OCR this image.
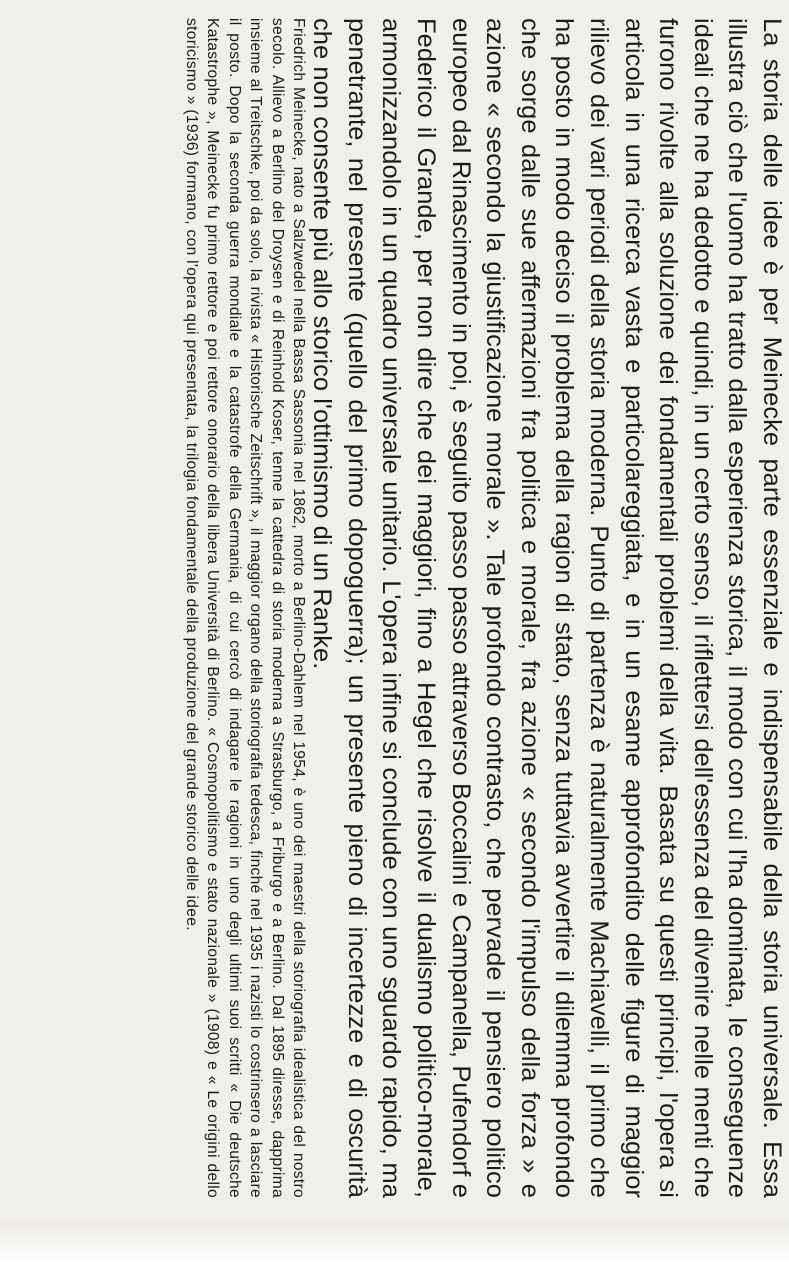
La storia delle idee è per Meinecke parte essenziale e indispensabile della storia universale. Essa illustra ciò che l'uomo ha tratto dalla esperienza storica, il modo con cui l'ha dominata, le conseguenze ideali che ne ha dedotto e quindi, in un certo senso, il riflettersi dell'essenza del divenire nelle menti che furono rivolte alla soluzione dei fondamentali problemi della vita. Basata su questi principi, l'opera si articola in una ricerca vasta e particolareggiata, e in un esame approfondito delle figure di maggior rilievo dei vari periodi della storia moderna. Punto di partenza è naturalmente Machiavelli, il primo che ha posto in modo deciso il problema della ragion di stato, senza tuttavia avvertire il dilemma profondo che sorge dalle sue affermazioni fra politica e morale, fra azione « secondo l'impulso della forza » e azione « secondo la giustificazione morale ». Tale profondo contrasto, che pervade il pensiero politico europeo dal Rinascimento in poi, è seguito passo passo attraverso Boccalini e Campanella, Pufendorf e Federico il Grande, per non dire che dei maggiori, fino a Hegel che risolve il dualismo politico-morale, armonizzandolo in un quadro universale unitario. L'opera infine si conclude con uno sguardo rapido, ma penetrante, nel presente (quello del primo dopoguerra); un presente pieno di incertezze e di oscurità che non consente più allo storico l'ottimismo di un Ranke.

Friedrich Meinecke, nato a Salzwedel nella Bassa Sassonia nel 1862, morto a Berlino-Dahlem nel 1954, è uno dei maestri della storiografia idealistica del nostro secolo. Allievo a Berlino del Droysen e di Reinhold Koser, tenne la cattedra di storia moderna a Strasburgo, a Friburgo e a Berlino. Dal 1895 diresse, dapprima insieme al Treitschke, poi da solo, la rivista « Historische Zeitschrift », il maggior organo della storiografia tedesca, finché nel 1935 i nazisti lo costrinsero a lasciare il posto. Dopo la seconda guerra mondiale e la catastrofe della Germania, di cui cercò di indagare le ragioni in uno degli ultimi suoi scritti « Die deutsche Katastrophe », Meinecke fu primo rettore e poi rettore onorario della libera Università di Berlino. « Cosmopolitismo e stato nazionale » (1908) e « Le origini dello storicismo » (1936) formano, con l'opera qui presentata, la trilogia fondamentale della produzione del grande storico delle idee.
